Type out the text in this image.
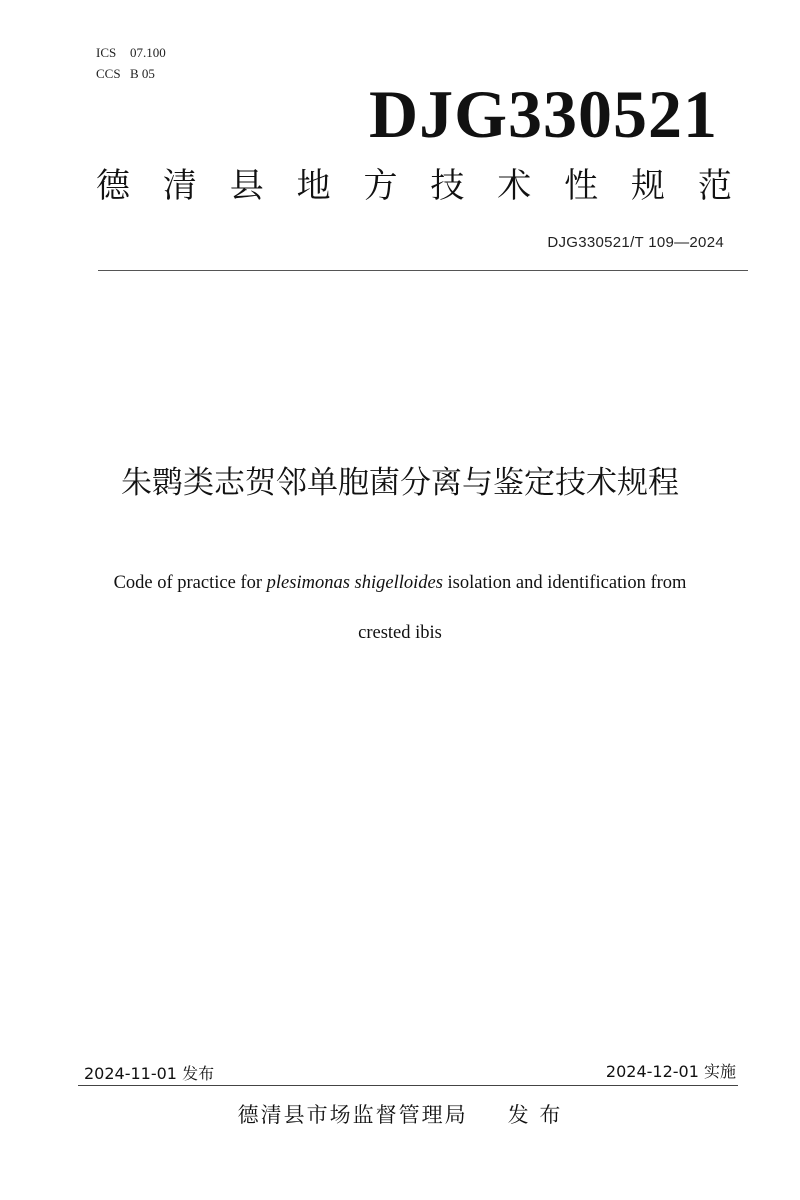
ICS 07.100
CCS B 05
DJG330521
德 清 县 地 方 技 术 性 规 范
DJG330521/T 109—2024
朱鹮类志贺邻单胞菌分离与鉴定技术规程
Code of practice for plesimonas shigelloides isolation and identification from
crested ibis
2024-11-01 发布	2024-12-01 实施
德清县市场监督管理局 发 布
